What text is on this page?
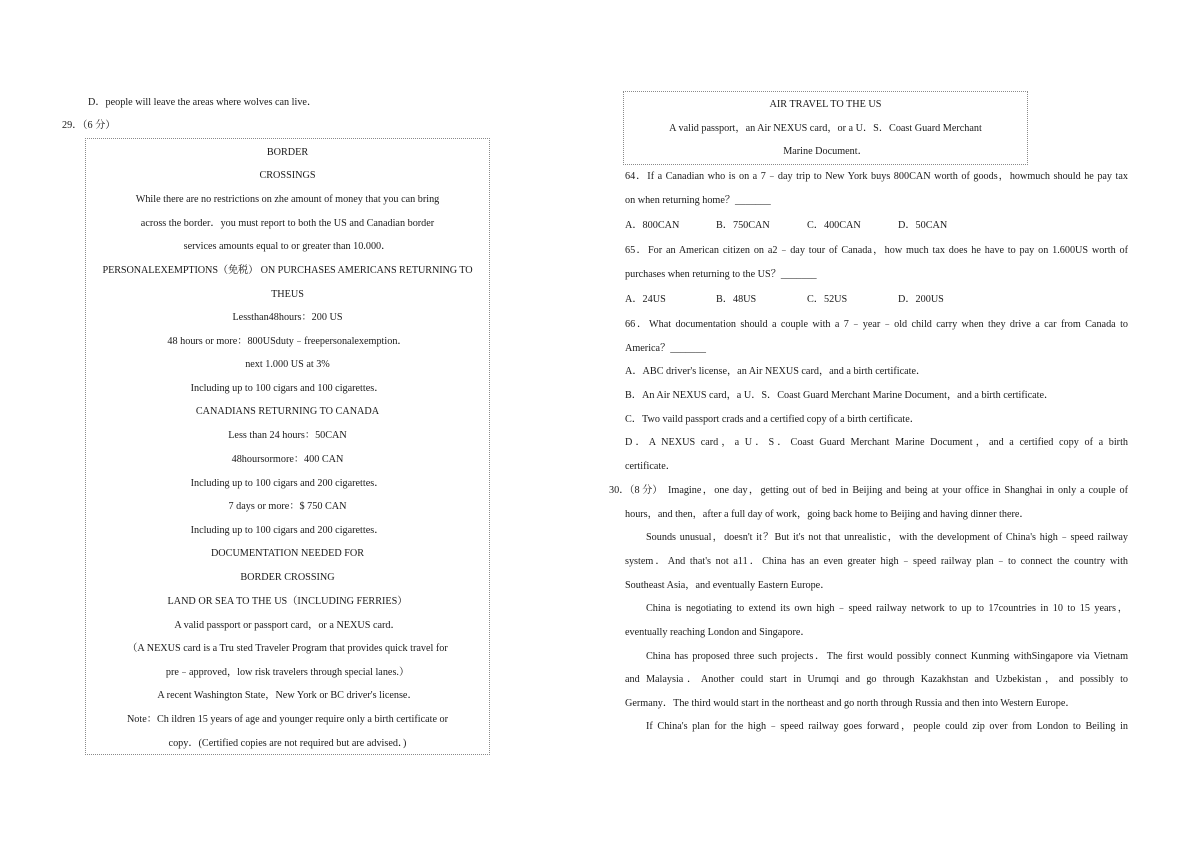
D．people will leave the areas where wolves can live．
29．（6 分）
BORDER
CROSSINGS
While there are no restrictions on zhe amount of money that you can bring
across the border．you must report to both the US and Canadian border
services amounts equal to or greater than 10.000．
PERSONALEXEMPTIONS（免税） ON PURCHASES AMERICANS RETURNING TO
THEUS
Lessthan48hours：200 US
48 hours or more：800USduty﹣freepersonalexemption．
next 1.000 US at 3%
Including up to 100 cigars and 100 cigarettes．
CANADIANS RETURNING TO CANADA
Less than 24 hours：50CAN
48hoursormore：400 CAN
Including up to 100 cigars and 200 cigarettes．
7 days or more：$ 750 CAN
Including up to 100 cigars and 200 cigarettes．
DOCUMENTATION NEEDED FOR
BORDER CROSSING
LAND OR SEA TO THE US（INCLUDING FERRIES）
A valid passport or passport card，or a NEXUS card．
（A NEXUS card is a Tru sted Traveler Program that provides quick travel for
pre﹣approved，low risk travelers through special lanes.）
A recent Washington State，New York or BC driver's license．
Note：Ch ildren 15 years of age and younger require only a birth certificate or
copy．(Certified copies are not required but are advised．)
AIR TRAVEL TO THE US
A valid passport，an Air NEXUS card，or a U．S．Coast Guard Merchant
Marine Document．
64．If a Canadian who is on a 7﹣day trip to New York buys 800CAN worth of goods，howmuch should he pay tax
on when returning home？_______
A．800CAN	B．750CAN	C．400CAN	D．50CAN
65．For an American citizen on a2﹣day tour of Canada，how much tax does he have to pay on 1.600US worth of
purchases when returning to the US？_______
A．24US	B．48US	C．52US	D．200US
66．What documentation should a couple with a 7﹣year﹣old child carry when they drive a car from Canada to
America？_______
A．ABC driver's license，an Air NEXUS card，and a birth certificate．
B．An Air NEXUS card，a U．S．Coast Guard Merchant Marine Document，and a birth certificate．
C．Two vaild passport crads and a certified copy of a birth certificate．
D．A NEXUS card，a U．S．Coast Guard Merchant Marine Document，and a certified copy of a birth
certificate．
30．（8 分） Imagine，one day，getting out of bed in Beijing and being at your office in Shanghai in only a couple of
hours，and then，after a full day of work，going back home to Beijing and having dinner there．
Sounds unusual，doesn't it？But it's not that unrealistic，with the development of China's high﹣speed railway
system．And that's not a11．China has an even greater high﹣speed railway plan﹣to connect the country with
Southeast Asia，and eventually Eastern Europe．
China is negotiating to extend its own high﹣speed railway network to up to 17countries in 10 to 15 years，
eventually reaching London and Singapore．
China has proposed three such projects．The first would possibly connect Kunming withSingapore via Vietnam
and Malaysia．Another could start in Urumqi and go through Kazakhstan and Uzbekistan，and possibly to
Germany．The third would start in the northeast and go north through Russia and then into Western Europe．
If China's plan for the high﹣speed railway goes forward，people could zip over from London to Beiling in
